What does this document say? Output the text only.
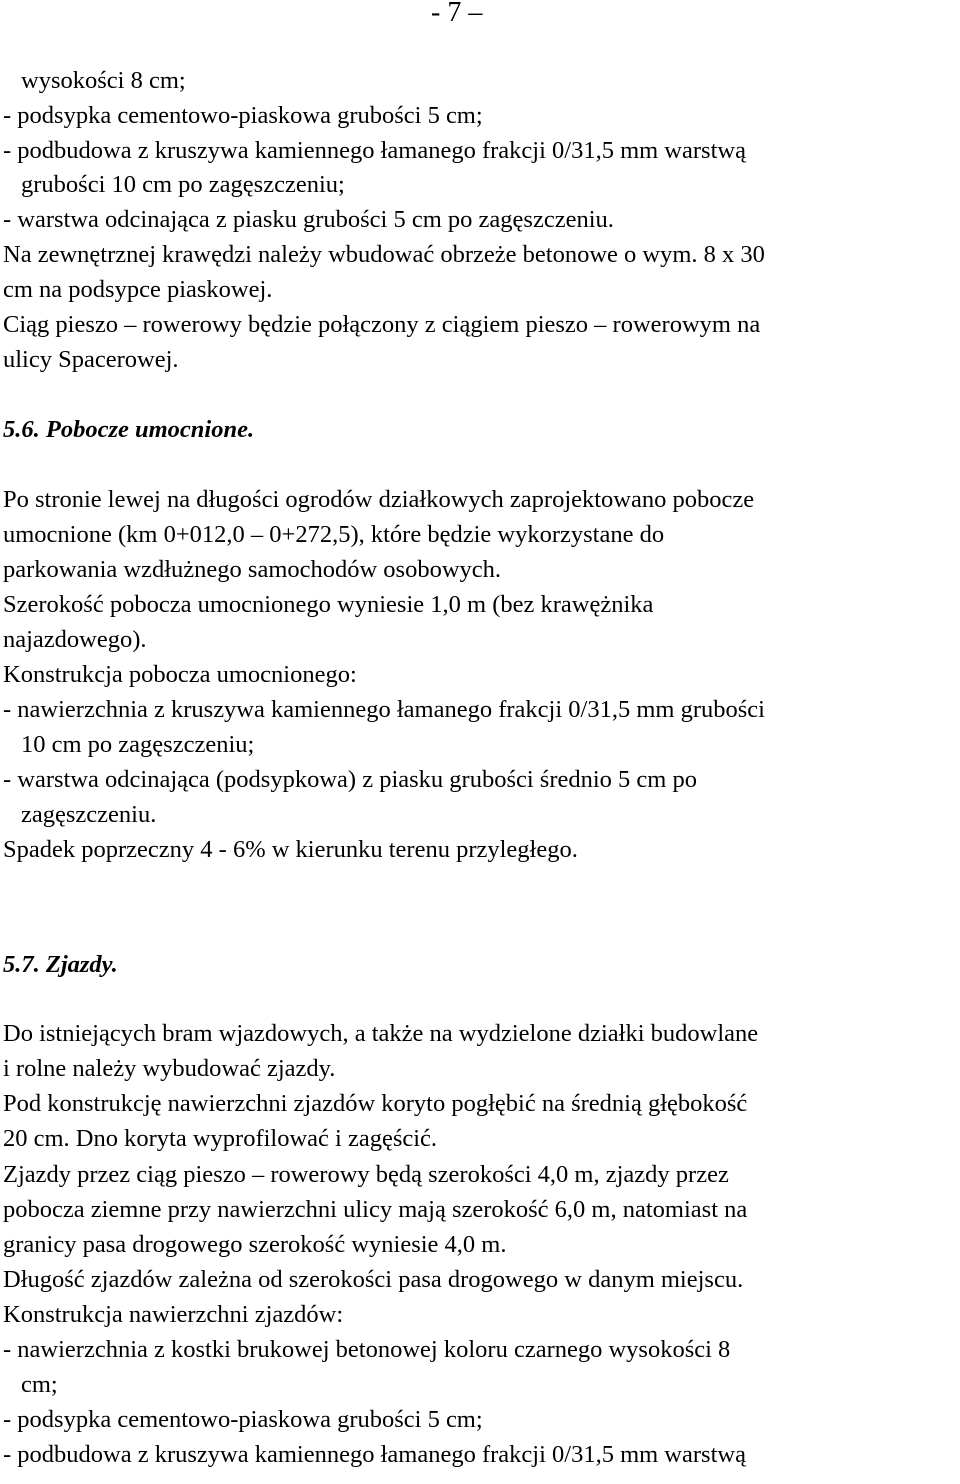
- 7 –
wysokości 8 cm;
- podsypka cementowo-piaskowa grubości 5 cm;
- podbudowa z kruszywa kamiennego łamanego frakcji 0/31,5 mm warstwą
grubości 10 cm po zagęszczeniu;
- warstwa odcinająca z piasku grubości 5 cm po zagęszczeniu.
Na zewnętrznej krawędzi należy wbudować obrzeże betonowe o wym. 8 x 30
cm na podsypce piaskowej.
Ciąg pieszo – rowerowy będzie połączony z ciągiem pieszo – rowerowym na
ulicy Spacerowej.
5.6. Pobocze umocnione.
Po stronie lewej na długości ogrodów działkowych zaprojektowano pobocze
umocnione (km 0+012,0 – 0+272,5), które będzie wykorzystane do
parkowania wzdłużnego samochodów osobowych.
Szerokość pobocza umocnionego wyniesie 1,0 m (bez krawężnika
najazdowego).
Konstrukcja pobocza umocnionego:
- nawierzchnia z kruszywa kamiennego łamanego frakcji 0/31,5 mm grubości
10 cm po zagęszczeniu;
- warstwa odcinająca (podsypkowa) z piasku grubości średnio 5 cm po
zagęszczeniu.
Spadek poprzeczny 4 - 6% w kierunku terenu przyległego.
5.7. Zjazdy.
Do istniejących bram wjazdowych, a także na wydzielone działki budowlane
i rolne należy wybudować zjazdy.
Pod konstrukcję nawierzchni zjazdów koryto pogłębić na średnią głębokość
20 cm. Dno koryta wyprofilować i zagęścić.
Zjazdy przez ciąg pieszo – rowerowy będą szerokości 4,0 m, zjazdy przez
pobocza ziemne przy nawierzchni ulicy mają szerokość 6,0 m, natomiast na
granicy pasa drogowego szerokość wyniesie 4,0 m.
Długość zjazdów zależna od szerokości pasa drogowego w danym miejscu.
Konstrukcja nawierzchni zjazdów:
- nawierzchnia z kostki brukowej betonowej koloru czarnego wysokości 8
cm;
- podsypka cementowo-piaskowa grubości 5 cm;
- podbudowa z kruszywa kamiennego łamanego frakcji 0/31,5 mm warstwą
